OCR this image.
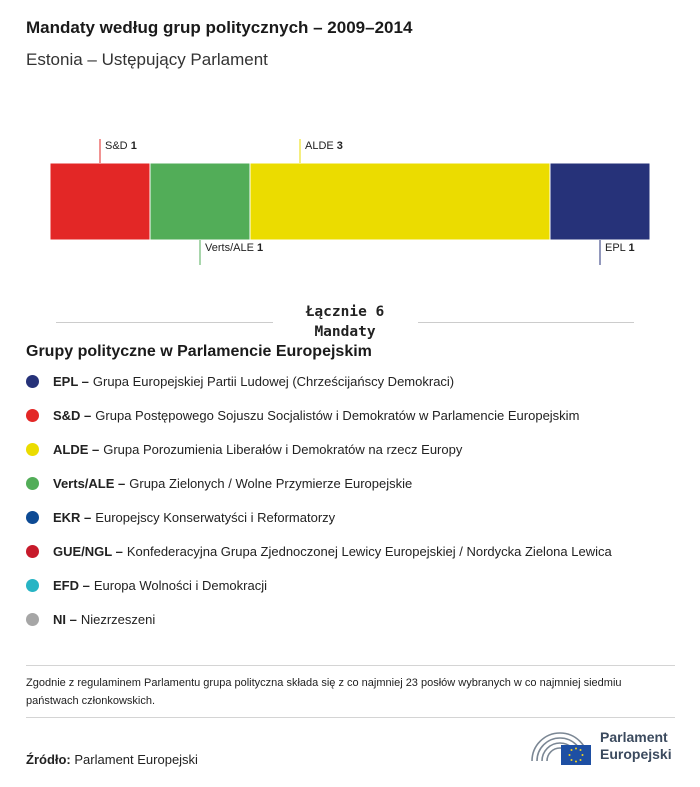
Mandaty według grup politycznych – 2009–2014
Estonia – Ustępujący Parlament
S&D 1
Verts/ALE 1
ALDE 3
EPL 1
Łącznie 6
Mandaty
Grupy polityczne w Parlamencie Europejskim
EPL – Grupa Europejskiej Partii Ludowej (Chrześcijańscy Demokraci)
S&D – Grupa Postępowego Sojuszu Socjalistów i Demokratów w Parlamencie Europejskim
ALDE – Grupa Porozumienia Liberałów i Demokratów na rzecz Europy
Verts/ALE – Grupa Zielonych / Wolne Przymierze Europejskie
EKR – Europejscy Konserwatyści i Reformatorzy
GUE/NGL – Konfederacyjna Grupa Zjednoczonej Lewicy Europejskiej / Nordycka Zielona Lewica
EFD – Europa Wolności i Demokracji
NI – Niezrzeszeni
Zgodnie z regulaminem Parlamentu grupa polityczna składa się z co najmniej 23 posłów wybranych w co najmniej siedmiu państwach członkowskich.
Źródło: Parlament Europejski
Parlament
Europejski
